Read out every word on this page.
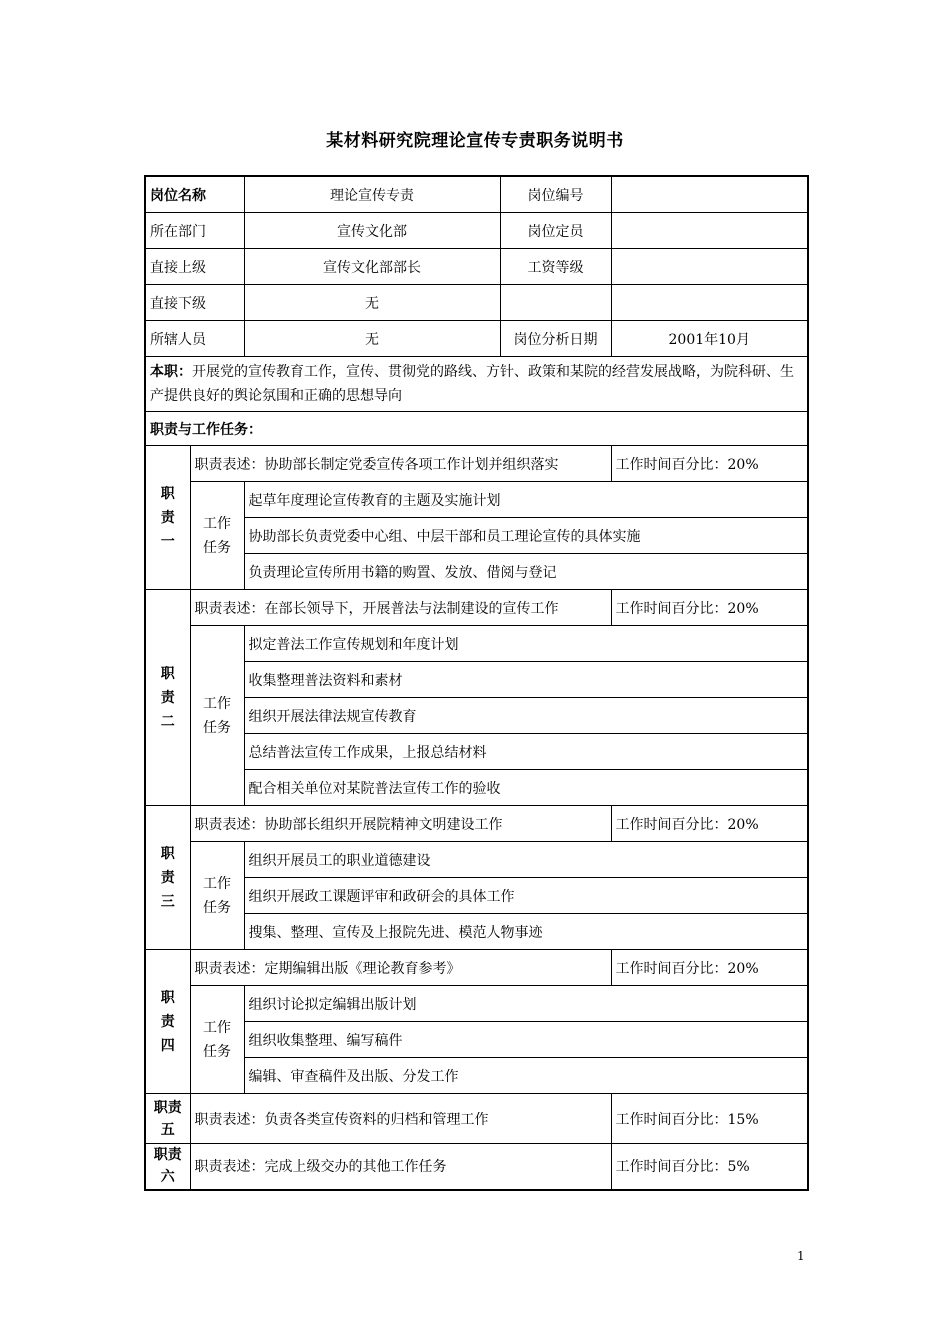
某材料研究院理论宣传专责职务说明书
岗位名称		理论宣传专责	岗位编号	
所在部门		宣传文化部	岗位定员	
直接上级		宣传文化部部长	工资等级	
直接下级		无		
所辖人员		无	岗位分析日期	2001年10月
本职：开展党的宣传教育工作，宣传、贯彻党的路线、方针、政策和某院的经营发展战略，为院科研、生产提供良好的舆论氛围和正确的思想导向				
职责与工作任务：				
职
责
一	职责表述：协助部长制定党委宣传各项工作计划并组织落实			工作时间百分比：20%
	工作
任务	起草年度理论宣传教育的主题及实施计划		
		协助部长负责党委中心组、中层干部和员工理论宣传的具体实施		
		负责理论宣传所用书籍的购置、发放、借阅与登记		
职
责
二	职责表述：在部长领导下，开展普法与法制建设的宣传工作			工作时间百分比：20%
	工作
任务	拟定普法工作宣传规划和年度计划		
		收集整理普法资料和素材		
		组织开展法律法规宣传教育		
		总结普法宣传工作成果，上报总结材料		
		配合相关单位对某院普法宣传工作的验收		
职
责
三	职责表述：协助部长组织开展院精神文明建设工作			工作时间百分比：20%
	工作
任务	组织开展员工的职业道德建设		
		组织开展政工课题评审和政研会的具体工作		
		搜集、整理、宣传及上报院先进、模范人物事迹		
职
责
四	职责表述：定期编辑出版《理论教育参考》			工作时间百分比：20%
	工作
任务	组织讨论拟定编辑出版计划		
		组织收集整理、编写稿件		
		编辑、审查稿件及出版、分发工作		
职责
五	职责表述：负责各类宣传资料的归档和管理工作			工作时间百分比：15%
职责
六	职责表述：完成上级交办的其他工作任务			工作时间百分比：5%
1
